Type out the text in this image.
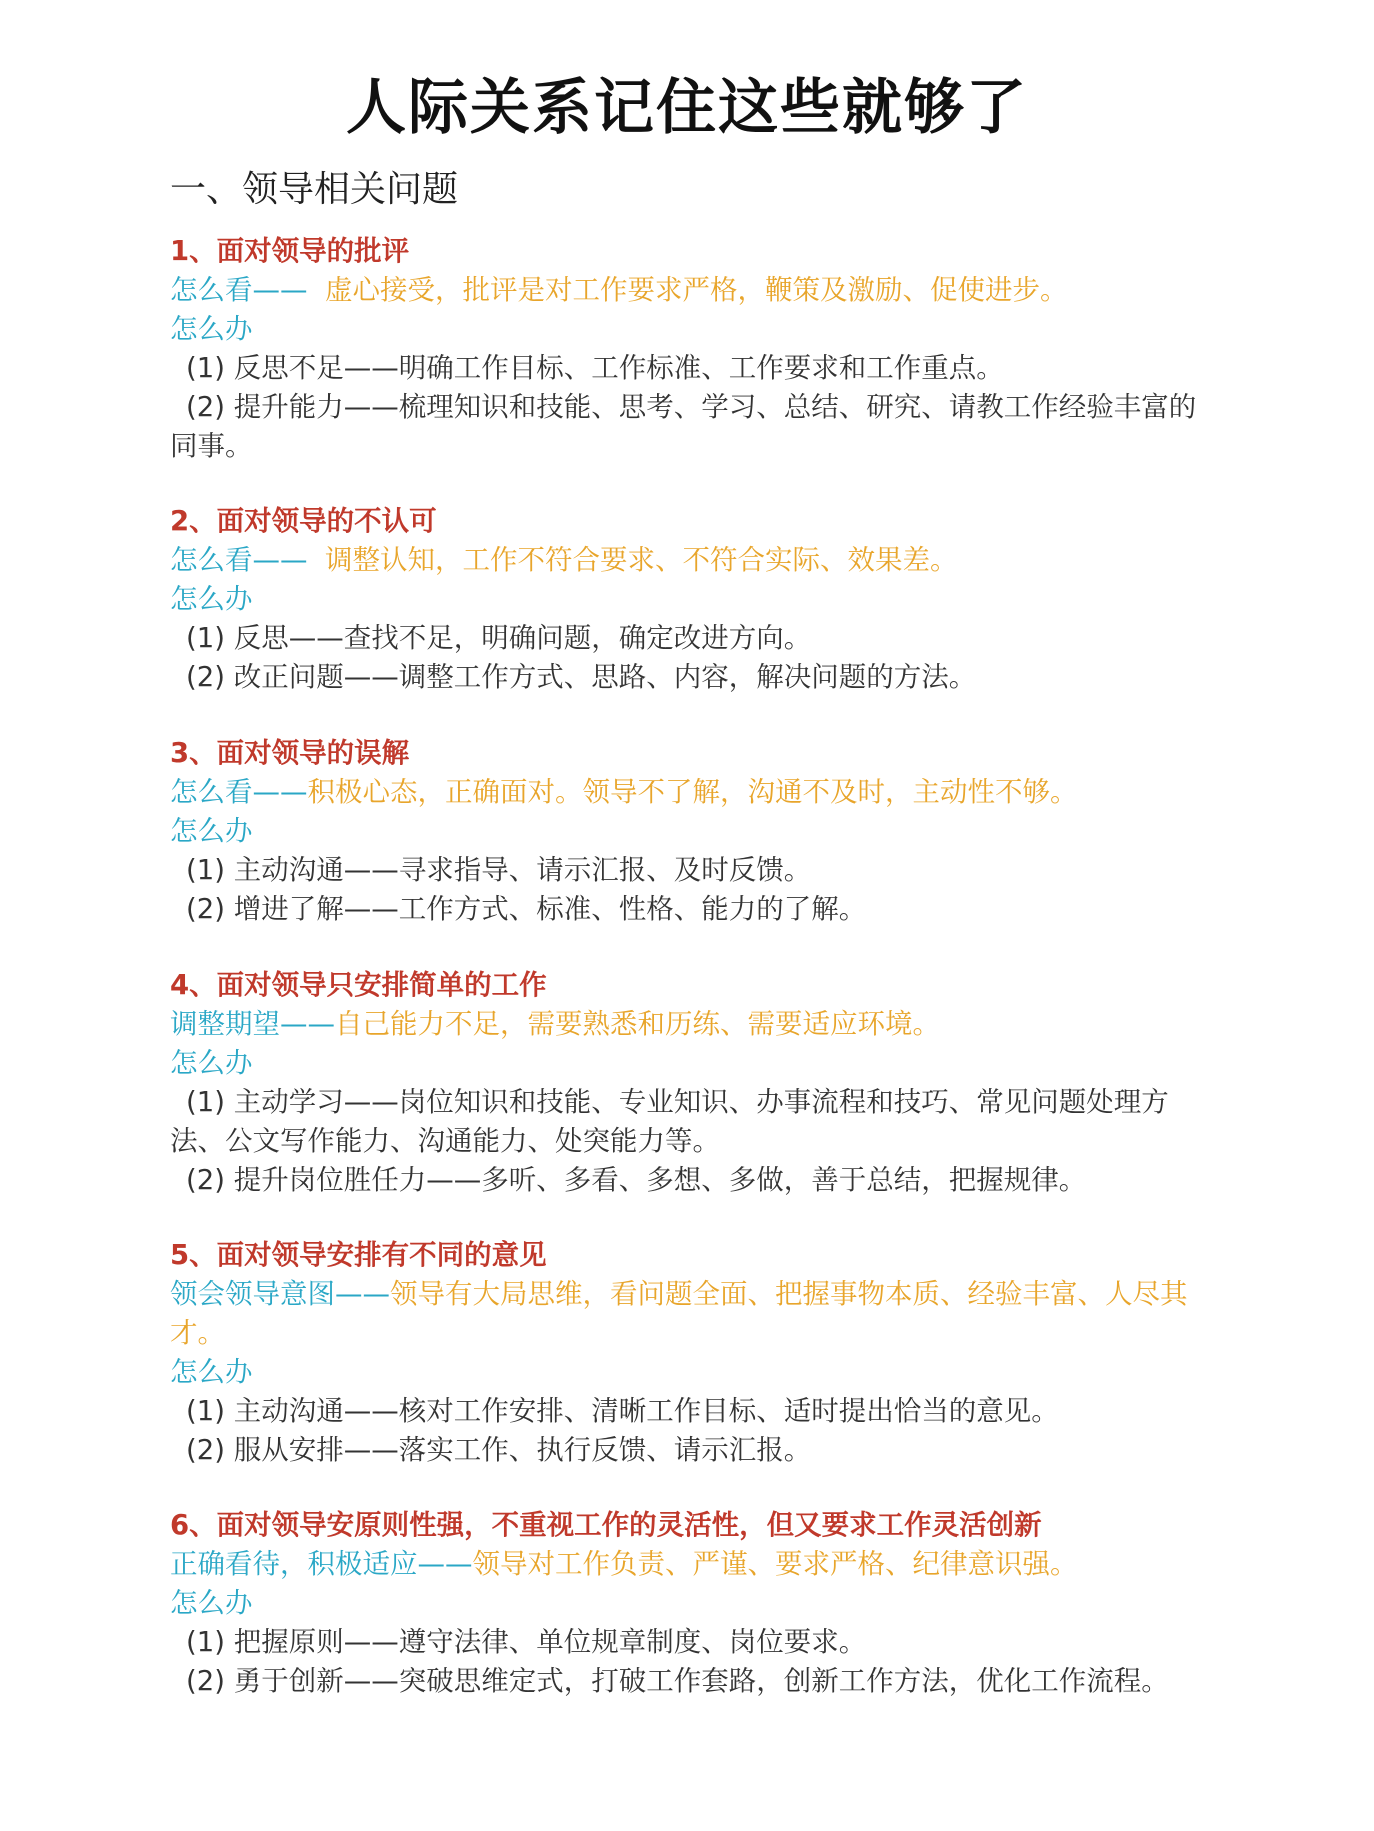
人际关系记住这些就够了
一、领导相关问题
1、面对领导的批评
怎么看——  虚心接受，批评是对工作要求严格，鞭策及激励、促使进步。
怎么办
(1) 反思不足——明确工作目标、工作标准、工作要求和工作重点。
(2) 提升能力——梳理知识和技能、思考、学习、总结、研究、请教工作经验丰富的同事。
2、面对领导的不认可
怎么看——  调整认知，工作不符合要求、不符合实际、效果差。
怎么办
(1) 反思——查找不足，明确问题，确定改进方向。
(2) 改正问题——调整工作方式、思路、内容，解决问题的方法。
3、面对领导的误解
怎么看——积极心态，正确面对。领导不了解，沟通不及时，主动性不够。
怎么办
(1) 主动沟通——寻求指导、请示汇报、及时反馈。
(2) 增进了解——工作方式、标准、性格、能力的了解。
4、面对领导只安排简单的工作
调整期望——自己能力不足，需要熟悉和历练、需要适应环境。
怎么办
(1) 主动学习——岗位知识和技能、专业知识、办事流程和技巧、常见问题处理方法、公文写作能力、沟通能力、处突能力等。
(2) 提升岗位胜任力——多听、多看、多想、多做，善于总结，把握规律。
5、面对领导安排有不同的意见
领会领导意图——领导有大局思维，看问题全面、把握事物本质、经验丰富、人尽其才。
怎么办
(1) 主动沟通——核对工作安排、清晰工作目标、适时提出恰当的意见。
(2) 服从安排——落实工作、执行反馈、请示汇报。
6、面对领导安原则性强，不重视工作的灵活性，但又要求工作灵活创新
正确看待，积极适应——领导对工作负责、严谨、要求严格、纪律意识强。
怎么办
(1) 把握原则——遵守法律、单位规章制度、岗位要求。
(2) 勇于创新——突破思维定式，打破工作套路，创新工作方法，优化工作流程。
